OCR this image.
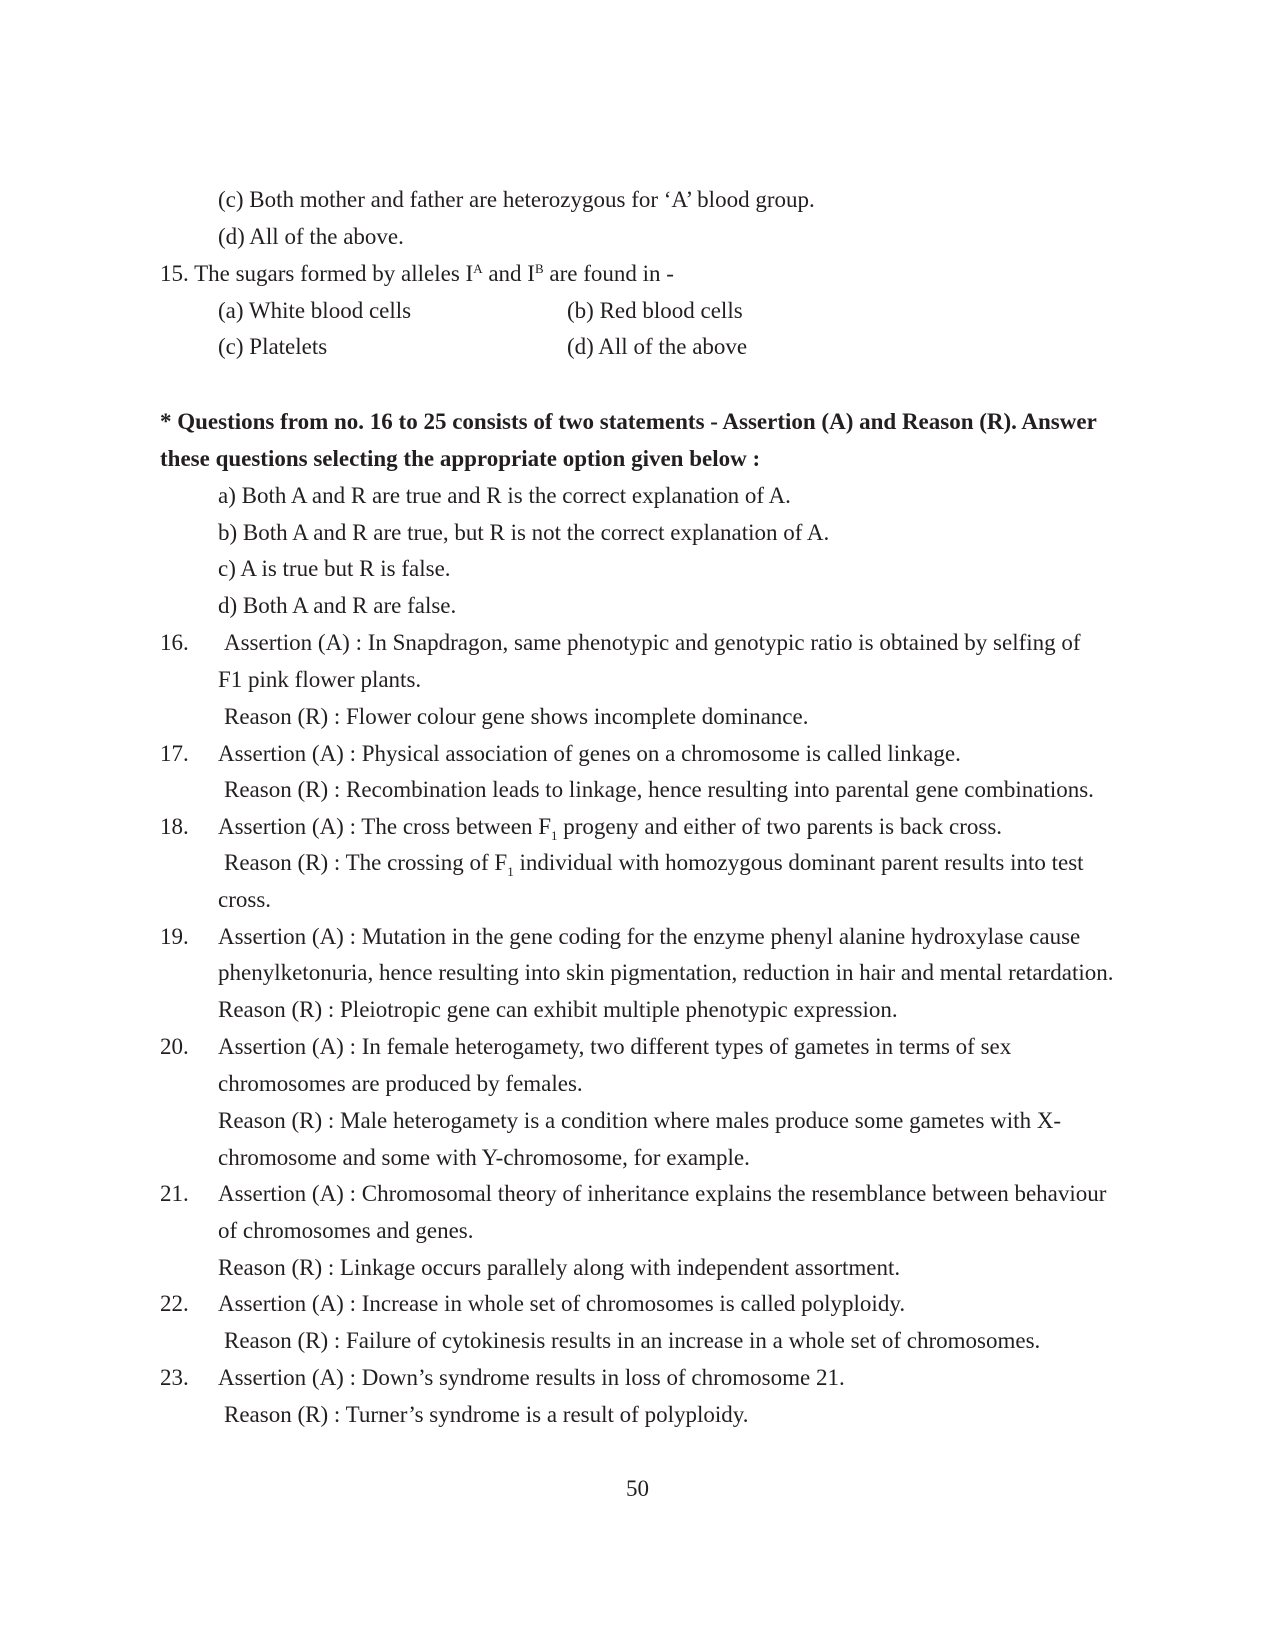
(c) Both mother and father are heterozygous for ‘A’ blood group.
(d) All of the above.
15. The sugars formed by alleles $I^A$ and $I^B$ are found in -
(a) White blood cells	(b) Red blood cells
(c) Platelets	(d) All of the above
* Questions from no. 16 to 25 consists of two statements - Assertion (A) and Reason (R). Answer
these questions selecting the appropriate option given below :
a) Both A and R are true and R is the correct explanation of A.
b) Both A and R are true, but R is not the correct explanation of A.
c) A is true but R is false.
d) Both A and R are false.
16. Assertion (A) : In Snapdragon, same phenotypic and genotypic ratio is obtained by selfing of
F1 pink flower plants.
Reason (R) : Flower colour gene shows incomplete dominance.
17. Assertion (A) : Physical association of genes on a chromosome is called linkage.
Reason (R) : Recombination leads to linkage, hence resulting into parental gene combinations.
18. Assertion (A) : The cross between $F_1$ progeny and either of two parents is back cross.
Reason (R) : The crossing of $F_1$ individual with homozygous dominant parent results into test
cross.
19. Assertion (A) : Mutation in the gene coding for the enzyme phenyl alanine hydroxylase cause
phenylketonuria, hence resulting into skin pigmentation, reduction in hair and mental retardation.
Reason (R) : Pleiotropic gene can exhibit multiple phenotypic expression.
20. Assertion (A) : In female heterogamety, two different types of gametes in terms of sex
chromosomes are produced by females.
Reason (R) : Male heterogamety is a condition where males produce some gametes with X-
chromosome and some with Y-chromosome, for example.
21. Assertion (A) : Chromosomal theory of inheritance explains the resemblance between behaviour
of chromosomes and genes.
Reason (R) : Linkage occurs parallely along with independent assortment.
22. Assertion (A) : Increase in whole set of chromosomes is called polyploidy.
Reason (R) : Failure of cytokinesis results in an increase in a whole set of chromosomes.
23. Assertion (A) : Down’s syndrome results in loss of chromosome 21.
Reason (R) : Turner’s syndrome is a result of polyploidy.
50
